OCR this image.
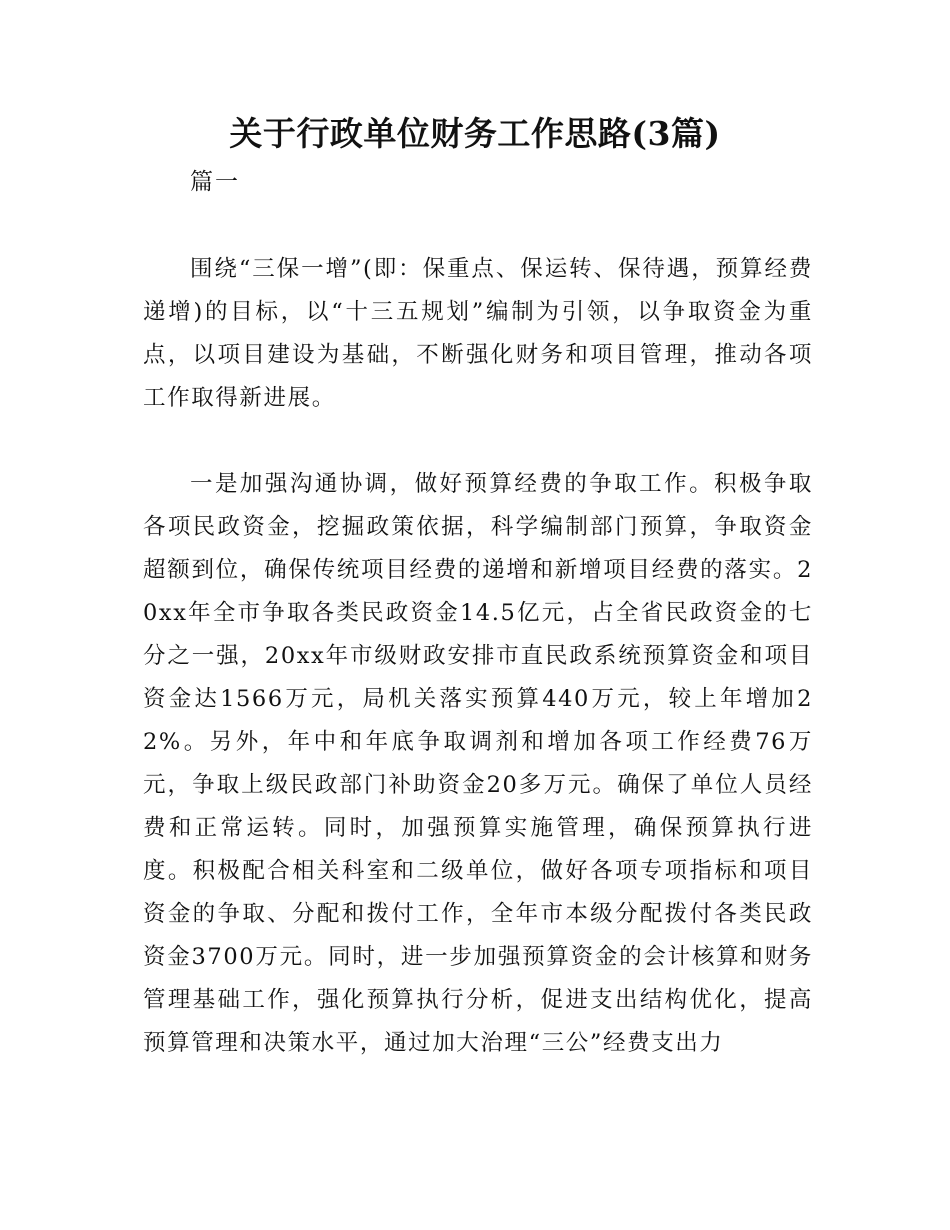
关于行政单位财务工作思路(3篇)

篇一

围绕“三保一增”(即：保重点、保运转、保待遇，预算经费递增)的目标，以“十三五规划”编制为引领，以争取资金为重点，以项目建设为基础，不断强化财务和项目管理，推动各项工作取得新进展。

一是加强沟通协调，做好预算经费的争取工作。积极争取各项民政资金，挖掘政策依据，科学编制部门预算，争取资金超额到位，确保传统项目经费的递增和新增项目经费的落实。20xx年全市争取各类民政资金14.5亿元，占全省民政资金的七分之一强，20xx年市级财政安排市直民政系统预算资金和项目资金达1566万元，局机关落实预算440万元，较上年增加22%。另外，年中和年底争取调剂和增加各项工作经费76万元，争取上级民政部门补助资金20多万元。确保了单位人员经费和正常运转。同时，加强预算实施管理，确保预算执行进度。积极配合相关科室和二级单位，做好各项专项指标和项目资金的争取、分配和拨付工作，全年市本级分配拨付各类民政资金3700万元。同时，进一步加强预算资金的会计核算和财务管理基础工作，强化预算执行分析，促进支出结构优化，提高预算管理和决策水平，通过加大治理“三公”经费支出力
